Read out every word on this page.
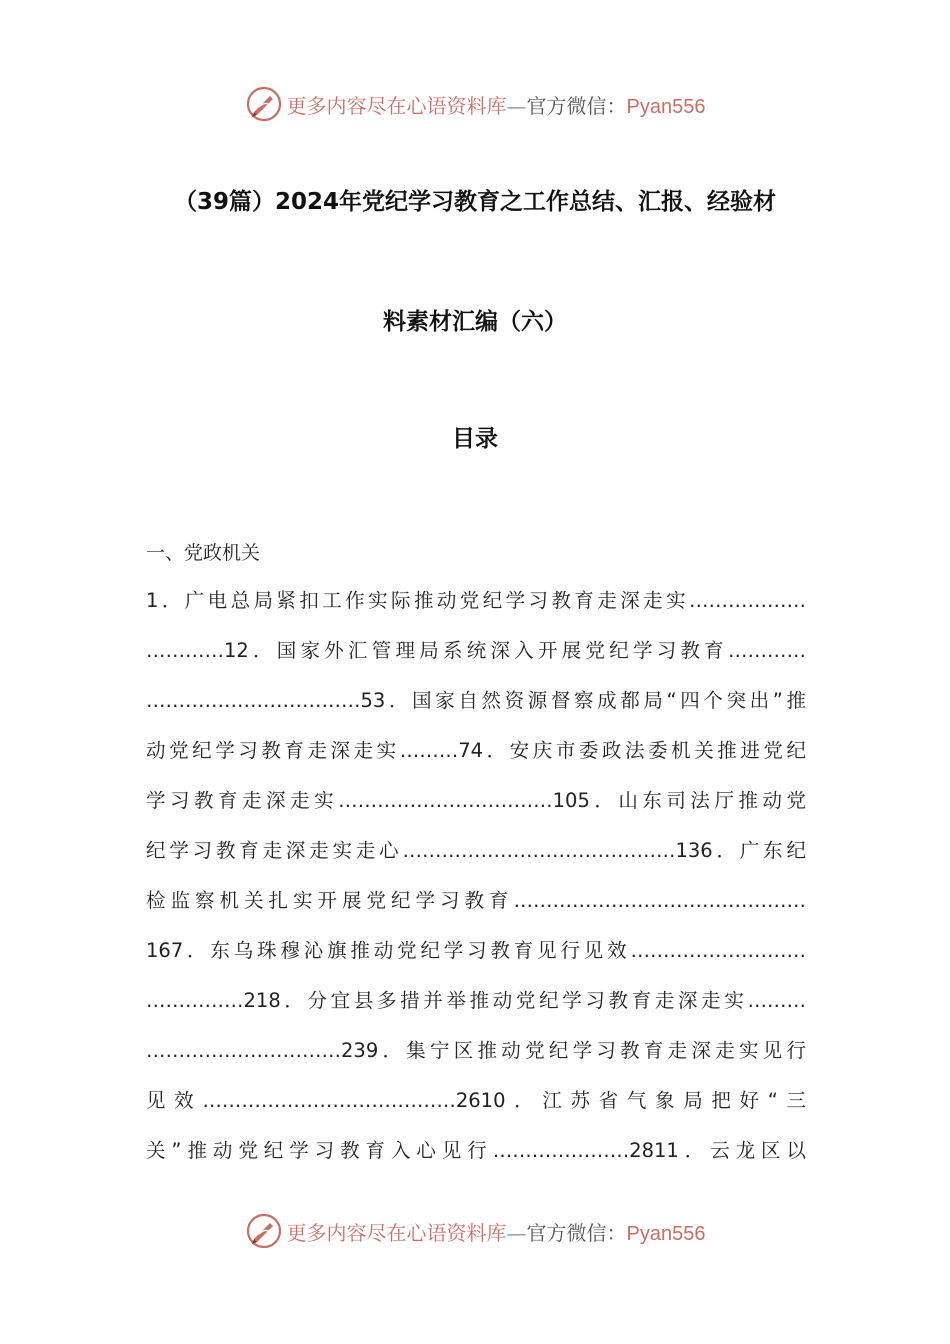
更多内容尽在心语资料库—官方微信：Pyan556
（39篇）2024年党纪学习教育之工作总结、汇报、经验材
料素材汇编（六）
目录
一、党政机关
1．广电总局紧扣工作实际推动党纪学习教育走深走实………………
…………12．国家外汇管理局系统深入开展党纪学习教育…………
……………………………53．国家自然资源督察成都局“四个突出”推
动党纪学习教育走深走实………74．安庆市委政法委机关推进党纪
学习教育走深走实……………………………105．山东司法厅推动党
纪学习教育走深走实走心……………………………………136．广东纪
检监察机关扎实开展党纪学习教育………………………………………
167．东乌珠穆沁旗推动党纪学习教育见行见效………………………
……………218．分宜县多措并举推动党纪学习教育走深走实………
…………………………239．集宁区推动党纪学习教育走深走实见行
见效…………………………………2610．江苏省气象局把好“三
关”推动党纪学习教育入心见行…………………2811．云龙区以
更多内容尽在心语资料库—官方微信：Pyan556
